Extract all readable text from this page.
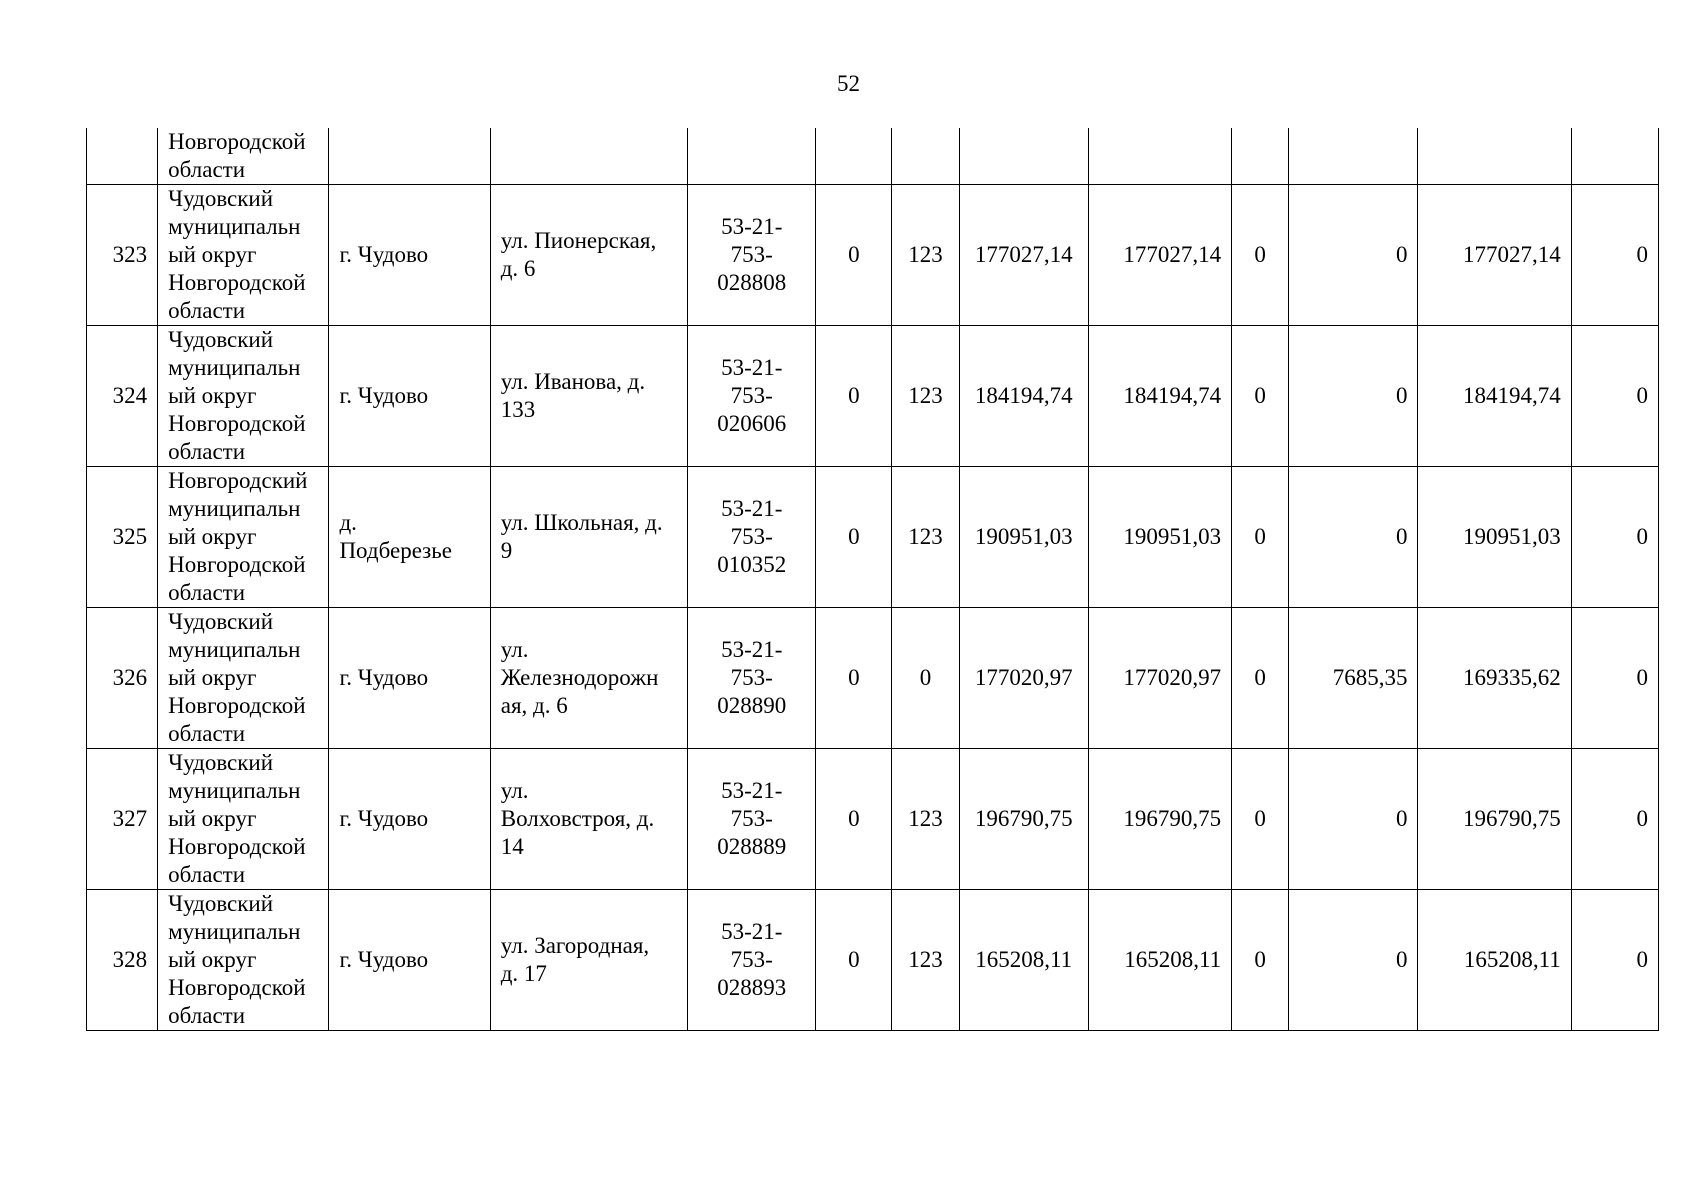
52

	Новгородской
области											

323	Чудовский
муниципальн
ый округ
Новгородской
области	г. Чудово	ул. Пионерская,
д. 6	53-21-
753-
028808	0	123	177027,14	177027,14	0	0	177027,14	0
324	Чудовский
муниципальн
ый округ
Новгородской
области	г. Чудово	ул. Иванова, д.
133	53-21-
753-
020606	0	123	184194,74	184194,74	0	0	184194,74	0
325	Новгородский
муниципальн
ый округ
Новгородской
области	д.
Подберезье	ул. Школьная, д.
9	53-21-
753-
010352	0	123	190951,03	190951,03	0	0	190951,03	0
326	Чудовский
муниципальн
ый округ
Новгородской
области	г. Чудово	ул.
Железнодорожн
ая, д. 6	53-21-
753-
028890	0	0	177020,97	177020,97	0	7685,35	169335,62	0
327	Чудовский
муниципальн
ый округ
Новгородской
области	г. Чудово	ул.
Волховстроя, д.
14	53-21-
753-
028889	0	123	196790,75	196790,75	0	0	196790,75	0
328	Чудовский
муниципальн
ый округ
Новгородской
области	г. Чудово	ул. Загородная,
д. 17	53-21-
753-
028893	0	123	165208,11	165208,11	0	0	165208,11	0
